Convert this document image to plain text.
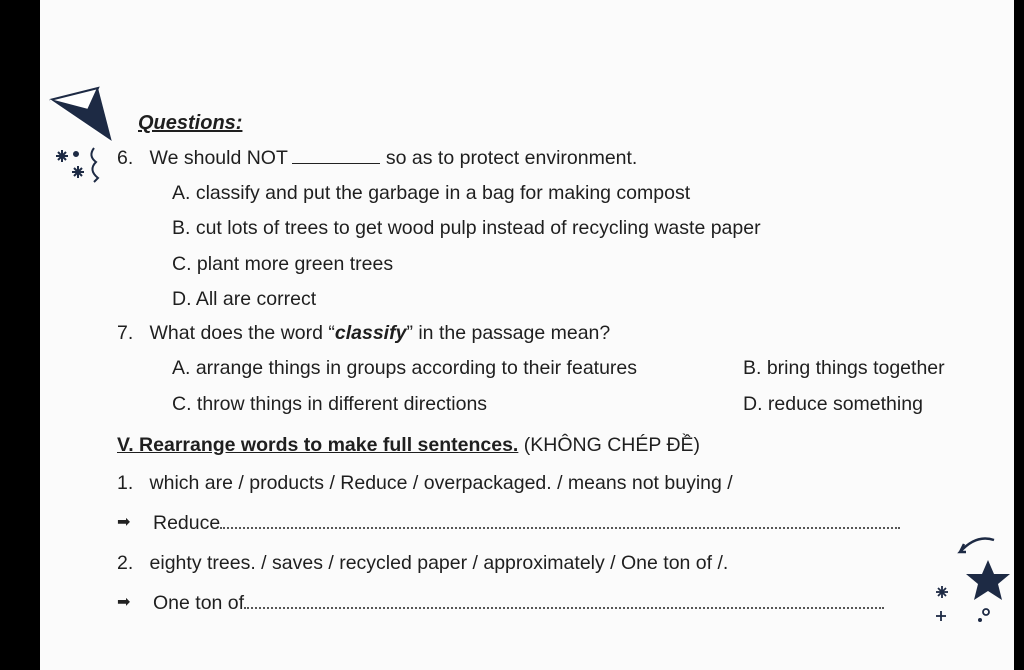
Questions:
6. We should NOT	so as to protect environment.
A. classify and put the garbage in a bag for making compost
B. cut lots of trees to get wood pulp instead of recycling waste paper
C. plant more green trees
D. All are correct
7. What does the word “classify” in the passage mean?
A. arrange things in groups according to their features	B. bring things together
C. throw things in different directions	D. reduce something
V. Rearrange words to make full sentences. (KHÔNG CHÉP ĐỀ)
1. which are / products / Reduce / overpackaged. / means not buying /
➡ Reduce
2. eighty trees. / saves / recycled paper / approximately / One ton of /.
➡ One ton of
